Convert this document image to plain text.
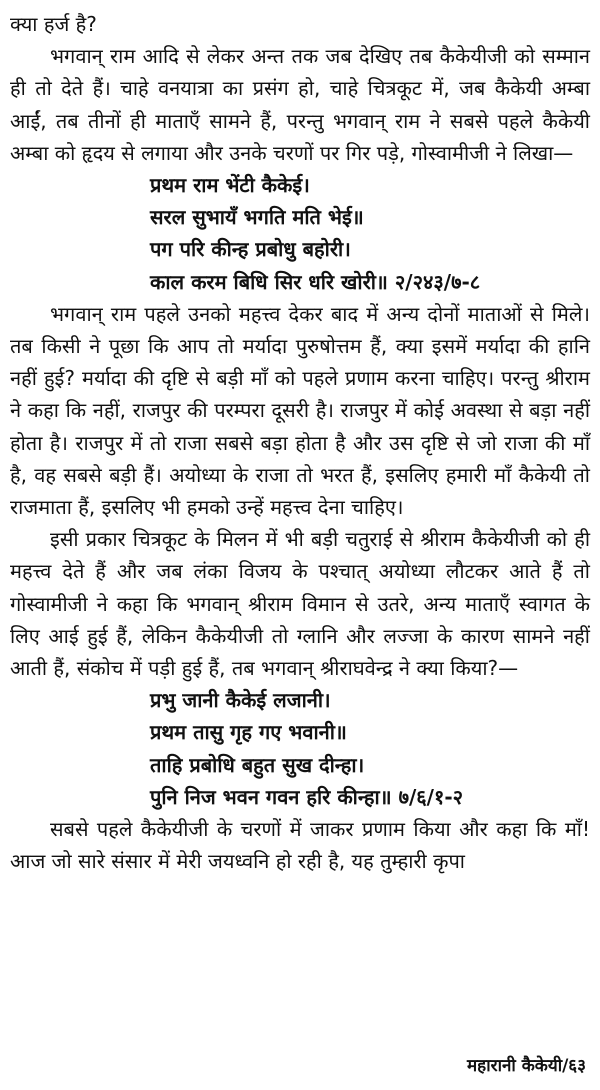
क्या हर्ज है?

भगवान् राम आदि से लेकर अन्त तक जब देखिए तब कैकेयीजी को सम्मान ही तो देते हैं। चाहे वनयात्रा का प्रसंग हो, चाहे चित्रकूट में, जब कैकेयी अम्बा आईं, तब तीनों ही माताएँ सामने हैं, परन्तु भगवान् राम ने सबसे पहले कैकेयी अम्बा को हृदय से लगाया और उनके चरणों पर गिर पड़े, गोस्वामीजी ने लिखा—

प्रथम राम भेंटी कैकेई।
सरल सुभायँ भगति मति भेई॥
पग परि कीन्ह प्रबोधु बहोरी।
काल करम बिधि सिर धरि खोरी॥ २/२४३/७-८

भगवान् राम पहले उनको महत्त्व देकर बाद में अन्य दोनों माताओं से मिले। तब किसी ने पूछा कि आप तो मर्यादा पुरुषोत्तम हैं, क्या इसमें मर्यादा की हानि नहीं हुई? मर्यादा की दृष्टि से बड़ी माँ को पहले प्रणाम करना चाहिए। परन्तु श्रीराम ने कहा कि नहीं, राजपुर की परम्परा दूसरी है। राजपुर में कोई अवस्था से बड़ा नहीं होता है। राजपुर में तो राजा सबसे बड़ा होता है और उस दृष्टि से जो राजा की माँ है, वह सबसे बड़ी हैं। अयोध्या के राजा तो भरत हैं, इसलिए हमारी माँ कैकेयी तो राजमाता हैं, इसलिए भी हमको उन्हें महत्त्व देना चाहिए।

इसी प्रकार चित्रकूट के मिलन में भी बड़ी चतुराई से श्रीराम कैकेयीजी को ही महत्त्व देते हैं और जब लंका विजय के पश्चात् अयोध्या लौटकर आते हैं तो गोस्वामीजी ने कहा कि भगवान् श्रीराम विमान से उतरे, अन्य माताएँ स्वागत के लिए आई हुई हैं, लेकिन कैकेयीजी तो ग्लानि और लज्जा के कारण सामने नहीं आती हैं, संकोच में पड़ी हुई हैं, तब भगवान् श्रीराघवेन्द्र ने क्या किया?—

प्रभु जानी कैकेई लजानी।
प्रथम तासु गृह गए भवानी॥
ताहि प्रबोधि बहुत सुख दीन्हा।
पुनि निज भवन गवन हरि कीन्हा॥ ७/६/१-२

सबसे पहले कैकेयीजी के चरणों में जाकर प्रणाम किया और कहा कि माँ! आज जो सारे संसार में मेरी जयध्वनि हो रही है, यह तुम्हारी कृपा

महारानी कैकेयी/६३
